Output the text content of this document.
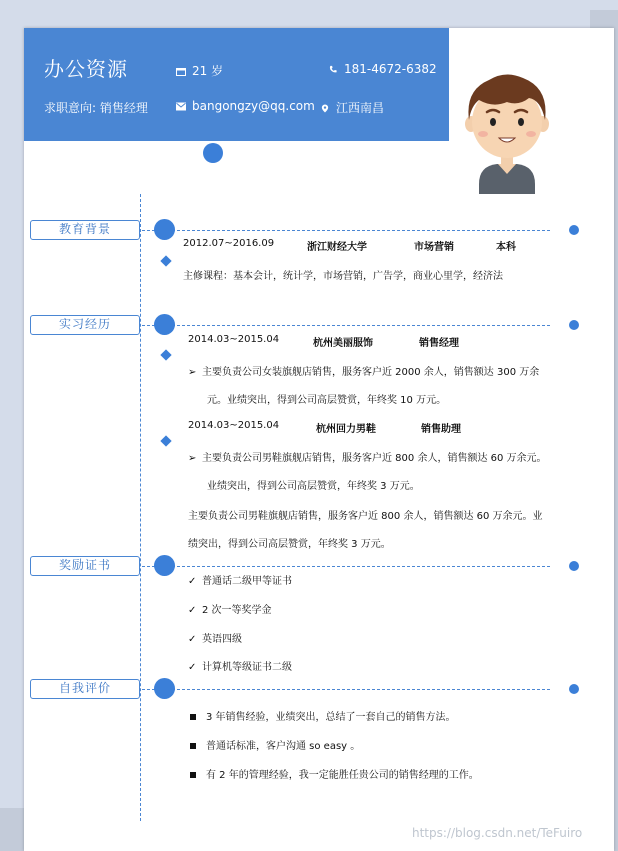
办公资源	21 岁	181-4672-6382
求职意向: 销售经理	bangongzy@qq.com	江西南昌
教育背景
2012.07~2016.09	浙江财经大学	市场营销	本科
主修课程：基本会计，统计学，市场营销，广告学，商业心里学，经济法
实习经历
2014.03~2015.04	杭州美丽服饰	销售经理
➢ 主要负责公司女装旗舰店销售，服务客户近 2000 余人，销售额达 300 万余
元。业绩突出，得到公司高层赞赏，年终奖 10 万元。
2014.03~2015.04	杭州回力男鞋	销售助理
➢ 主要负责公司男鞋旗舰店销售，服务客户近 800 余人，销售额达 60 万余元。
业绩突出，得到公司高层赞赏，年终奖 3 万元。
主要负责公司男鞋旗舰店销售，服务客户近 800 余人，销售额达 60 万余元。业
绩突出，得到公司高层赞赏，年终奖 3 万元。
奖励证书
✓ 普通话二级甲等证书
✓ 2 次一等奖学金
✓ 英语四级
✓ 计算机等级证书二级
自我评价
3 年销售经验，业绩突出，总结了一套自己的销售方法。
普通话标准，客户沟通 so easy 。
有 2 年的管理经验，我一定能胜任贵公司的销售经理的工作。
https://blog.csdn.net/TeFuiro
